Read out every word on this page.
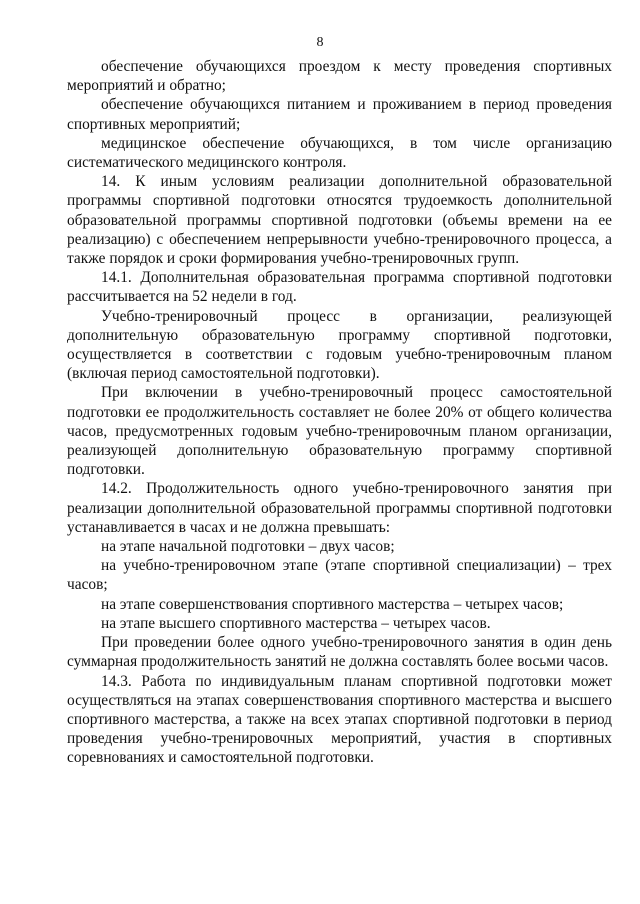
8

обеспечение обучающихся проездом к месту проведения спортивных мероприятий и обратно;

обеспечение обучающихся питанием и проживанием в период проведения спортивных мероприятий;

медицинское обеспечение обучающихся, в том числе организацию систематического медицинского контроля.

14. К иным условиям реализации дополнительной образовательной программы спортивной подготовки относятся трудоемкость дополнительной образовательной программы спортивной подготовки (объемы времени на ее реализацию) с обеспечением непрерывности учебно-тренировочного процесса, а также порядок и сроки формирования учебно-тренировочных групп.

14.1. Дополнительная образовательная программа спортивной подготовки рассчитывается на 52 недели в год.

Учебно-тренировочный процесс в организации, реализующей дополнительную образовательную программу спортивной подготовки, осуществляется в соответствии с годовым учебно-тренировочным планом (включая период самостоятельной подготовки).

При включении в учебно-тренировочный процесс самостоятельной подготовки ее продолжительность составляет не более 20% от общего количества часов, предусмотренных годовым учебно-тренировочным планом организации, реализующей дополнительную образовательную программу спортивной подготовки.

14.2. Продолжительность одного учебно-тренировочного занятия при реализации дополнительной образовательной программы спортивной подготовки устанавливается в часах и не должна превышать:

на этапе начальной подготовки – двух часов;

на учебно-тренировочном этапе (этапе спортивной специализации) – трех часов;

на этапе совершенствования спортивного мастерства – четырех часов;

на этапе высшего спортивного мастерства – четырех часов.

При проведении более одного учебно-тренировочного занятия в один день суммарная продолжительность занятий не должна составлять более восьми часов.

14.3. Работа по индивидуальным планам спортивной подготовки может осуществляться на этапах совершенствования спортивного мастерства и высшего спортивного мастерства, а также на всех этапах спортивной подготовки в период проведения учебно-тренировочных мероприятий, участия в спортивных соревнованиях и самостоятельной подготовки.
